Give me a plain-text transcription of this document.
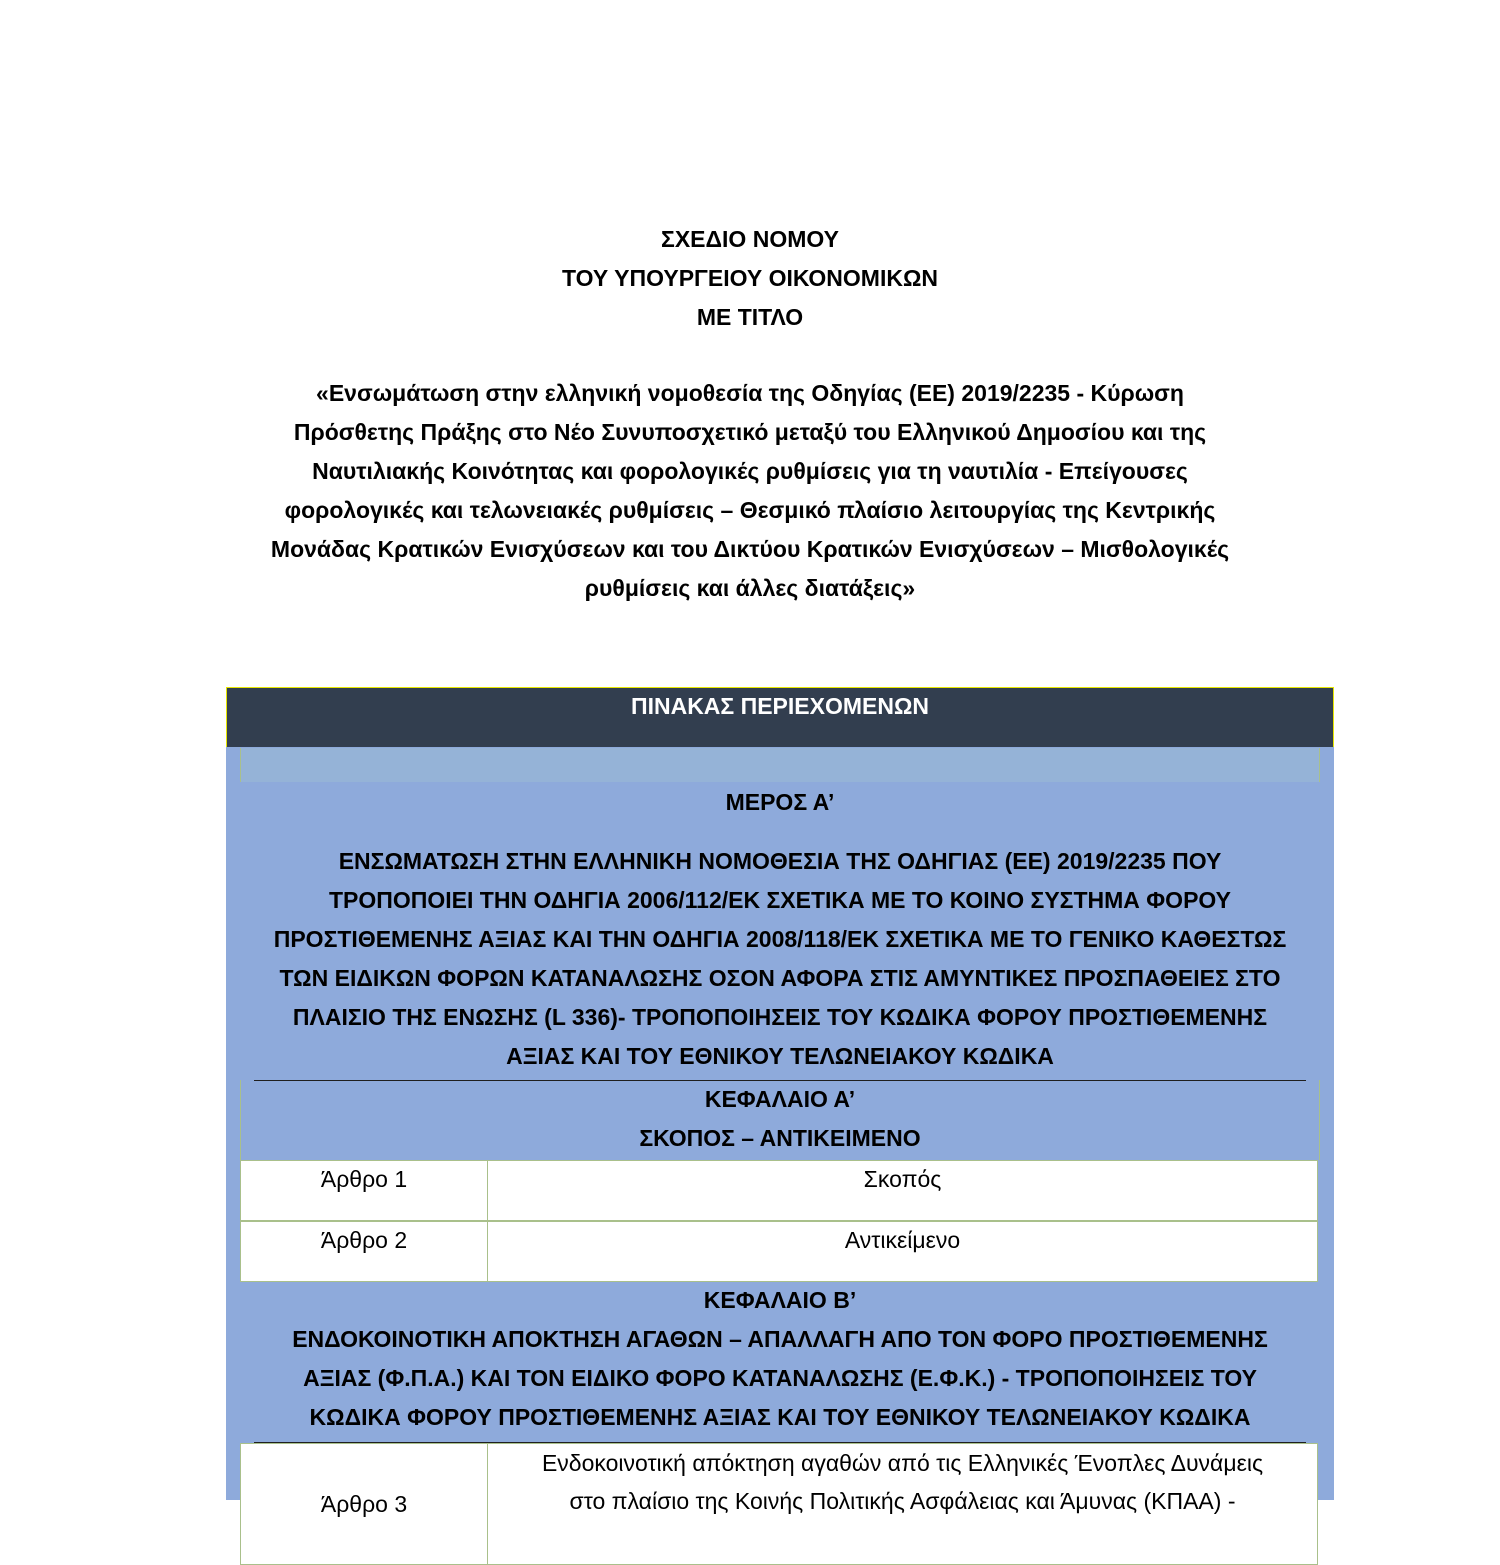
ΣΧΕΔΙΟ ΝΟΜΟΥ
ΤΟΥ ΥΠΟΥΡΓΕΙΟΥ ΟΙΚΟΝΟΜΙΚΩΝ
ΜΕ ΤΙΤΛΟ
«Ενσωμάτωση στην ελληνική νομοθεσία της Οδηγίας (ΕΕ) 2019/2235 - Κύρωση
Πρόσθετης Πράξης στο Νέο Συνυποσχετικό μεταξύ του Ελληνικού Δημοσίου και της
Ναυτιλιακής Κοινότητας και φορολογικές ρυθμίσεις για τη ναυτιλία - Επείγουσες
φορολογικές και τελωνειακές ρυθμίσεις – Θεσμικό πλαίσιο λειτουργίας της Κεντρικής
Μονάδας Κρατικών Ενισχύσεων και του Δικτύου Κρατικών Ενισχύσεων – Μισθολογικές
ρυθμίσεις και άλλες διατάξεις»
ΠΙΝΑΚΑΣ ΠΕΡΙΕΧΟΜΕΝΩΝ
ΜΕΡΟΣ Α’
ΕΝΣΩΜΑΤΩΣΗ ΣΤΗΝ ΕΛΛΗΝΙΚΗ ΝΟΜΟΘΕΣΙΑ ΤΗΣ ΟΔΗΓΙΑΣ (ΕΕ) 2019/2235 ΠΟΥ
ΤΡΟΠΟΠΟΙΕΙ ΤΗΝ ΟΔΗΓΙΑ 2006/112/ΕΚ ΣΧΕΤΙΚΑ ΜΕ ΤΟ ΚΟΙΝΟ ΣΥΣΤΗΜΑ ΦΟΡΟΥ
ΠΡΟΣΤΙΘΕΜΕΝΗΣ ΑΞΙΑΣ ΚΑΙ ΤΗΝ ΟΔΗΓΙΑ 2008/118/ΕΚ ΣΧΕΤΙΚΑ ΜΕ ΤΟ ΓΕΝΙΚΟ ΚΑΘΕΣΤΩΣ
ΤΩΝ ΕΙΔΙΚΩΝ ΦΟΡΩΝ ΚΑΤΑΝΑΛΩΣΗΣ ΟΣΟΝ ΑΦΟΡΑ ΣΤΙΣ ΑΜΥΝΤΙΚΕΣ ΠΡΟΣΠΑΘΕΙΕΣ ΣΤΟ
ΠΛΑΙΣΙΟ ΤΗΣ ΕΝΩΣΗΣ (L 336)- ΤΡΟΠΟΠΟΙΗΣΕΙΣ ΤΟΥ ΚΩΔΙΚΑ ΦΟΡΟΥ ΠΡΟΣΤΙΘΕΜΕΝΗΣ
ΑΞΙΑΣ ΚΑΙ ΤΟΥ ΕΘΝΙΚΟΥ ΤΕΛΩΝΕΙΑΚΟΥ ΚΩΔΙΚΑ
ΚΕΦΑΛΑΙΟ Α’
ΣΚΟΠΟΣ – ΑΝΤΙΚΕΙΜΕΝΟ
Άρθρο 1	Σκοπός
Άρθρο 2	Αντικείμενο
ΚΕΦΑΛΑΙΟ Β’
ΕΝΔΟΚΟΙΝΟΤΙΚΗ ΑΠΟΚΤΗΣΗ ΑΓΑΘΩΝ – ΑΠΑΛΛΑΓΗ ΑΠΟ ΤΟΝ ΦΟΡΟ ΠΡΟΣΤΙΘΕΜΕΝΗΣ
ΑΞΙΑΣ (Φ.Π.Α.) ΚΑΙ ΤΟΝ ΕΙΔΙΚΟ ΦΟΡΟ ΚΑΤΑΝΑΛΩΣΗΣ (Ε.Φ.Κ.) - ΤΡΟΠΟΠΟΙΗΣΕΙΣ ΤΟΥ
ΚΩΔΙΚΑ ΦΟΡΟΥ ΠΡΟΣΤΙΘΕΜΕΝΗΣ ΑΞΙΑΣ ΚΑΙ ΤΟΥ ΕΘΝΙΚΟΥ ΤΕΛΩΝΕΙΑΚΟΥ ΚΩΔΙΚΑ
Άρθρο 3
Ενδοκοινοτική απόκτηση αγαθών από τις Ελληνικές Ένοπλες Δυνάμεις
στο πλαίσιο της Κοινής Πολιτικής Ασφάλειας και Άμυνας (ΚΠΑΑ) -
